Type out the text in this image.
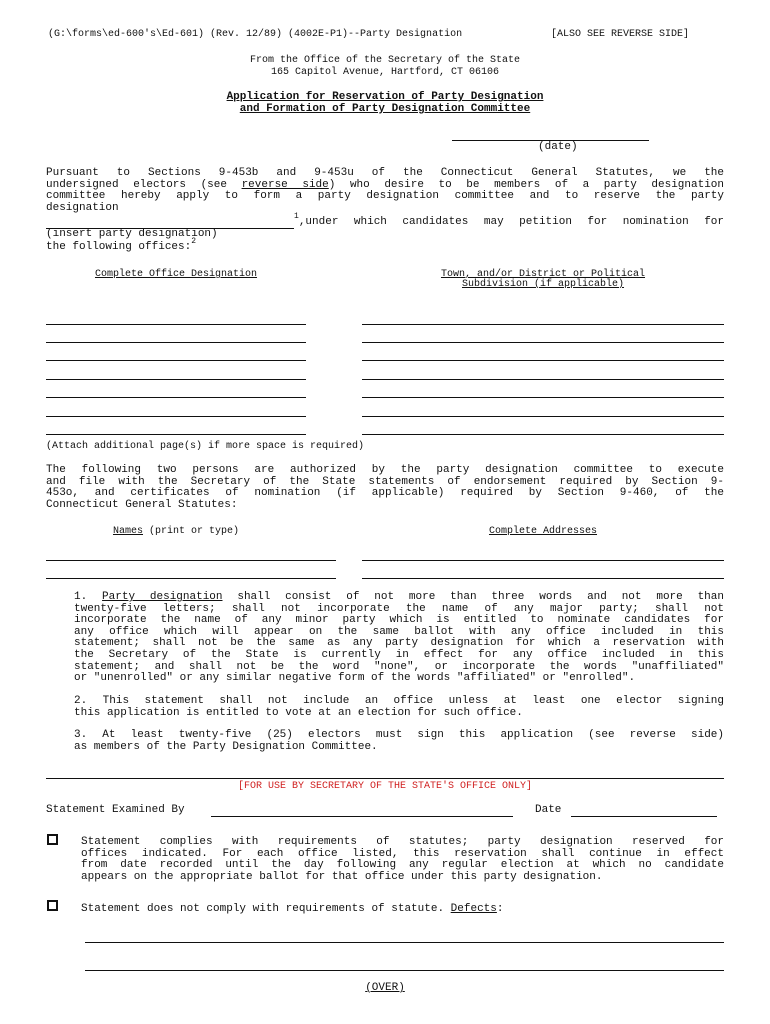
(G:\forms\ed-600's\Ed-601) (Rev. 12/89) (4002E-P1)--Party Designation	[ALSO SEE REVERSE SIDE]
From the Office of the Secretary of the State
165 Capitol Avenue, Hartford, CT 06106
Application for Reservation of Party Designation
and Formation of Party Designation Committee
(date)
Pursuant to Sections 9-453b and 9-453u of the Connecticut General Statutes, we the
undersigned electors (see reverse side) who desire to be members of a party designation
committee hereby apply to form a party designation committee and to reserve the party
designation
$^1$,under which candidates may petition for nomination for
(insert party designation)
the following offices:$^2$
Complete Office Designation	Town, and/or District or Political
Subdivision (if applicable)
(Attach additional page(s) if more space is required)
The following two persons are authorized by the party designation committee to execute
and file with the Secretary of the State statements of endorsement required by Section 9-
453o, and certificates of nomination (if applicable) required by Section 9-460, of the
Connecticut General Statutes:
Names (print or type)	Complete Addresses
1. Party designation shall consist of not more than three words and not more than
twenty-five letters; shall not incorporate the name of any major party; shall not
incorporate the name of any minor party which is entitled to nominate candidates for
any office which will appear on the same ballot with any office included in this
statement; shall not be the same as any party designation for which a reservation with
the Secretary of the State is currently in effect for any office included in this
statement; and shall not be the word "none", or incorporate the words "unaffiliated"
or "unenrolled" or any similar negative form of the words "affiliated" or "enrolled".
2. This statement shall not include an office unless at least one elector signing
this application is entitled to vote at an election for such office.
3. At least twenty-five (25) electors must sign this application (see reverse side)
as members of the Party Designation Committee.
[FOR USE BY SECRETARY OF THE STATE'S OFFICE ONLY]
Statement Examined By	Date
Statement complies with requirements of statutes; party designation reserved for
offices indicated. For each office listed, this reservation shall continue in effect
from date recorded until the day following any regular election at which no candidate
appears on the appropriate ballot for that office under this party designation.
Statement does not comply with requirements of statute. Defects:
(OVER)
